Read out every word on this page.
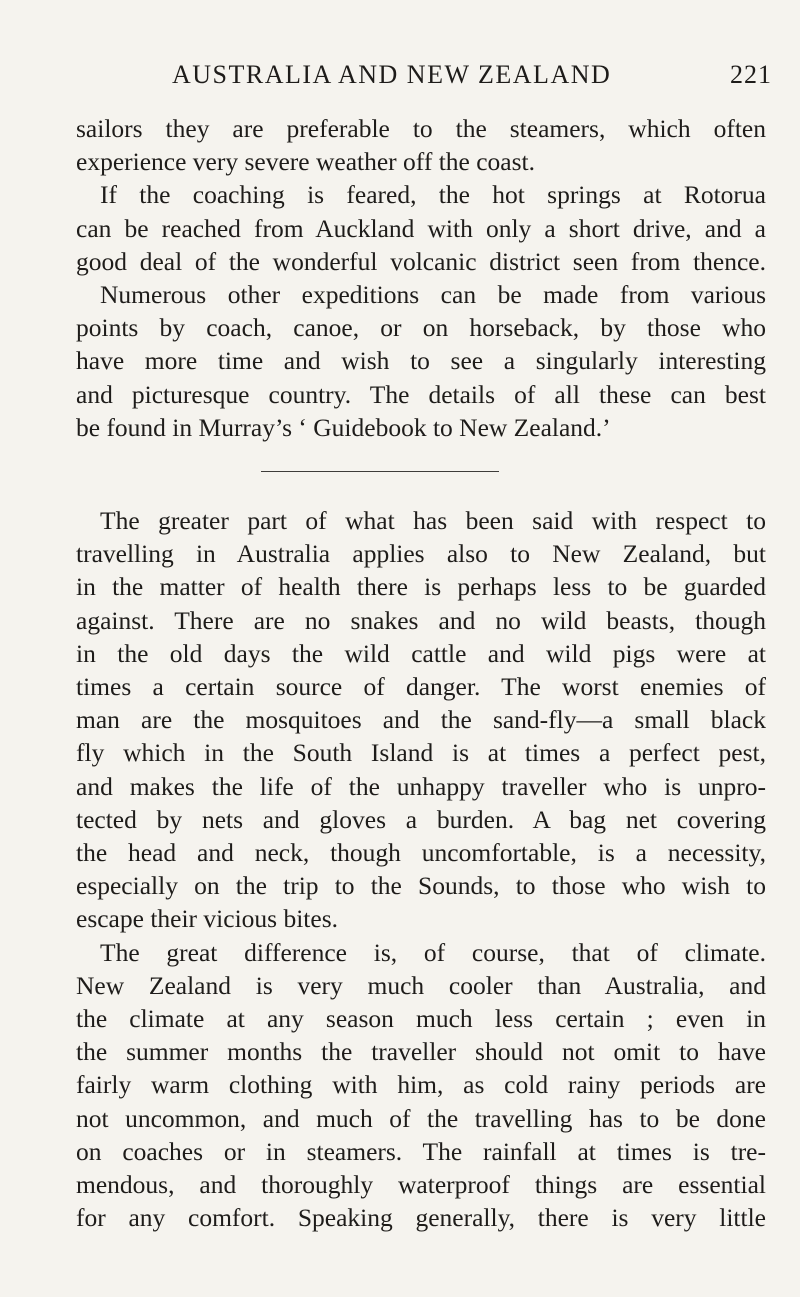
AUSTRALIA AND NEW ZEALAND	221

sailors they are preferable to the steamers, which often
experience very severe weather off the coast.

If the coaching is feared, the hot springs at Rotorua
can be reached from Auckland with only a short drive, and a
good deal of the wonderful volcanic district seen from thence.

Numerous other expeditions can be made from various
points by coach, canoe, or on horseback, by those who
have more time and wish to see a singularly interesting
and picturesque country. The details of all these can best
be found in Murray’s ‘ Guidebook to New Zealand.’

The greater part of what has been said with respect to
travelling in Australia applies also to New Zealand, but
in the matter of health there is perhaps less to be guarded
against. There are no snakes and no wild beasts, though
in the old days the wild cattle and wild pigs were at
times a certain source of danger. The worst enemies of
man are the mosquitoes and the sand-fly—a small black
fly which in the South Island is at times a perfect pest,
and makes the life of the unhappy traveller who is unpro-
tected by nets and gloves a burden. A bag net covering
the head and neck, though uncomfortable, is a necessity,
especially on the trip to the Sounds, to those who wish to
escape their vicious bites.

The great difference is, of course, that of climate.
New Zealand is very much cooler than Australia, and
the climate at any season much less certain ; even in
the summer months the traveller should not omit to have
fairly warm clothing with him, as cold rainy periods are
not uncommon, and much of the travelling has to be done
on coaches or in steamers. The rainfall at times is tre-
mendous, and thoroughly waterproof things are essential
for any comfort. Speaking generally, there is very little
